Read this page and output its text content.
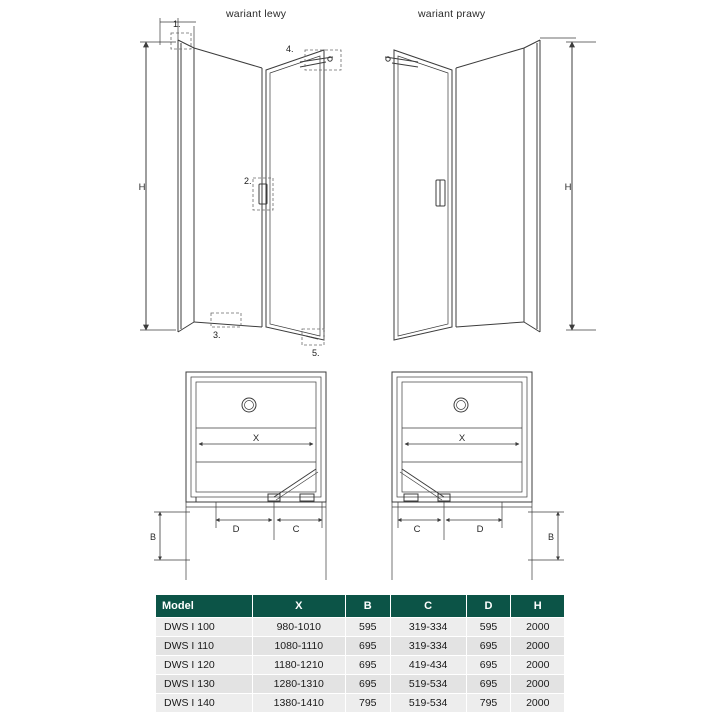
wariant lewy	wariant prawy
H	H
X	X
D	C	C	D
B	B
1.
2.
3.
4.
5.
Model	X	B	C	D	H
DWS I 100	980-1010	595	319-334	595	2000
DWS I 110	1080-1110	695	319-334	695	2000
DWS I 120	1180-1210	695	419-434	695	2000
DWS I 130	1280-1310	695	519-534	695	2000
DWS I 140	1380-1410	795	519-534	795	2000
